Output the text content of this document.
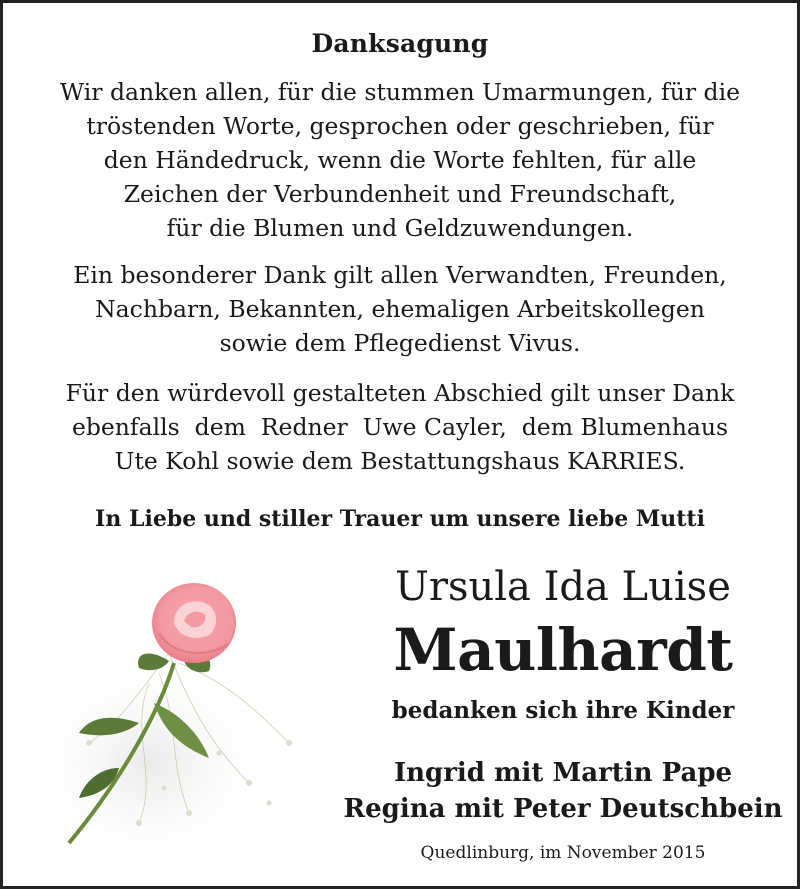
Danksagung
Wir danken allen, für die stummen Umarmungen, für die
tröstenden Worte, gesprochen oder geschrieben, für
den Händedruck, wenn die Worte fehlten, für alle
Zeichen der Verbundenheit und Freundschaft,
für die Blumen und Geldzuwendungen.
Ein besonderer Dank gilt allen Verwandten, Freunden,
Nachbarn, Bekannten, ehemaligen Arbeitskollegen
sowie dem Pflegedienst Vivus.
Für den würdevoll gestalteten Abschied gilt unser Dank
ebenfalls  dem  Redner  Uwe Cayler,  dem Blumenhaus
Ute Kohl sowie dem Bestattungshaus KARRIES.
In Liebe und stiller Trauer um unsere liebe Mutti
Ursula Ida Luise
Maulhardt
bedanken sich ihre Kinder
Ingrid mit Martin Pape
Regina mit Peter Deutschbein
Quedlinburg, im November 2015
